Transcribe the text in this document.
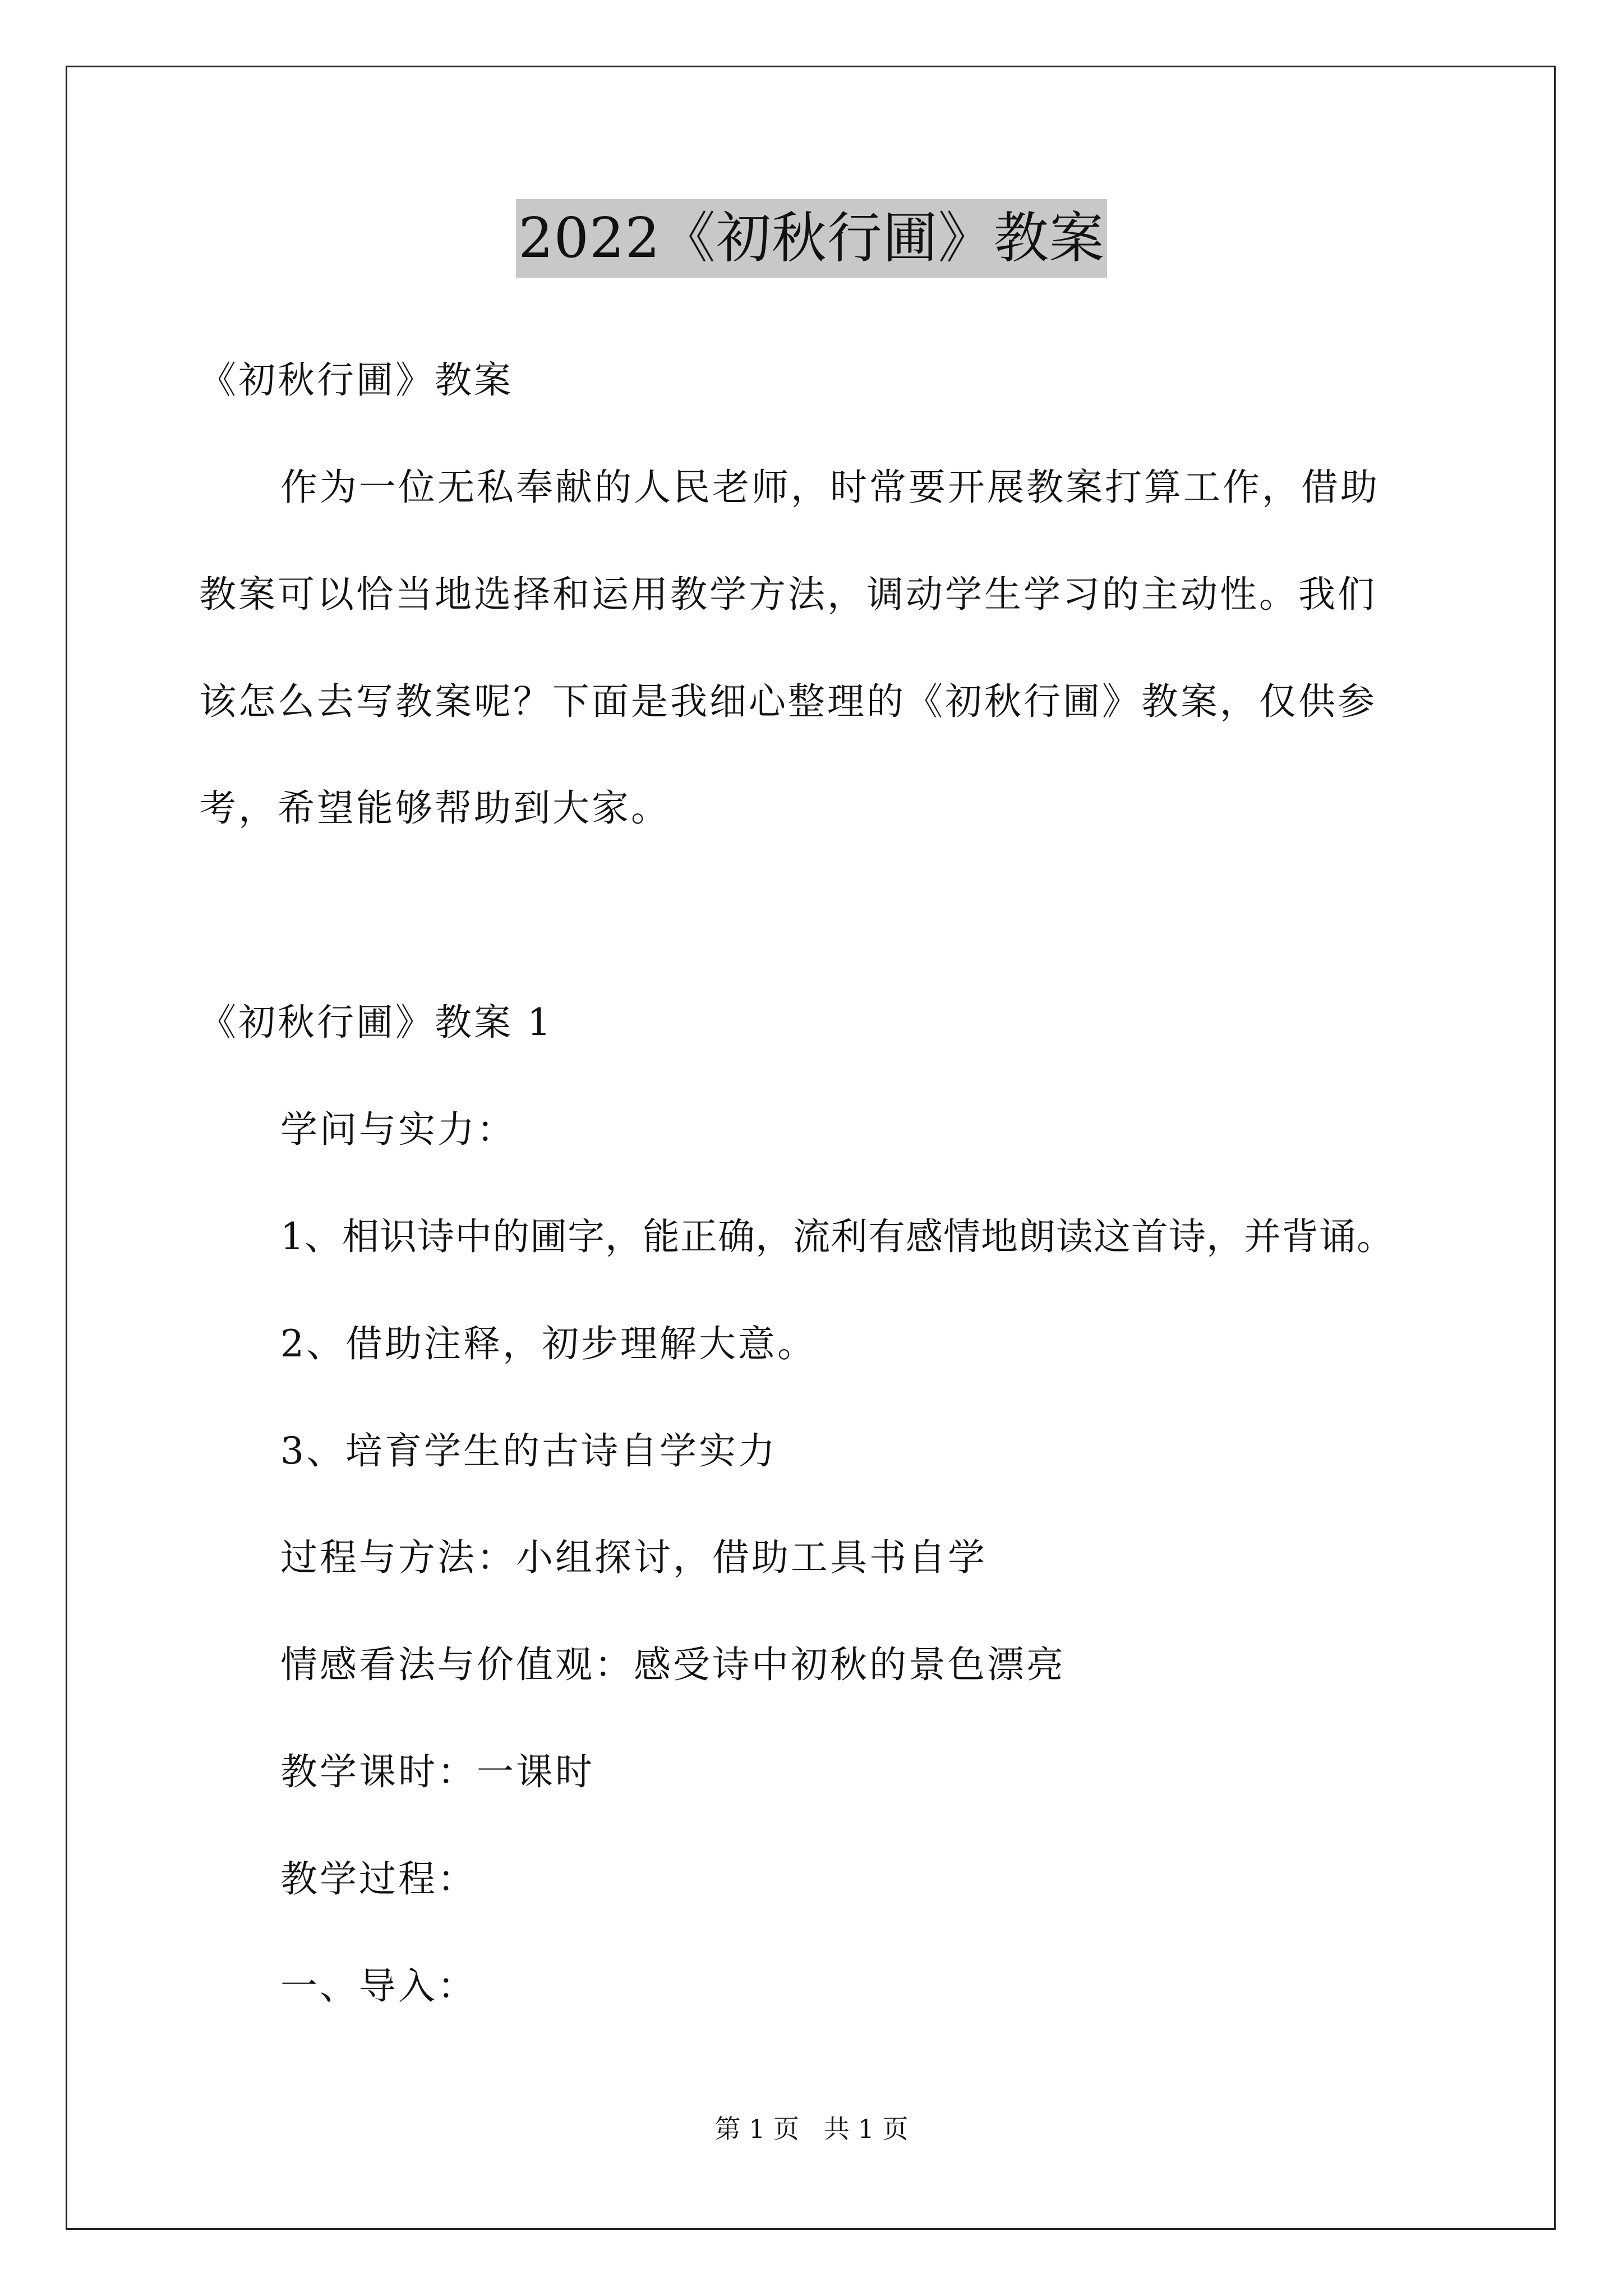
2022《初秋行圃》教案
《初秋行圃》教案
作为一位无私奉献的人民老师，时常要开展教案打算工作，借助
教案可以恰当地选择和运用教学方法，调动学生学习的主动性。我们
该怎么去写教案呢？下面是我细心整理的《初秋行圃》教案，仅供参
考，希望能够帮助到大家。
《初秋行圃》教案 1
学问与实力：
1、相识诗中的圃字，能正确，流利有感情地朗读这首诗，并背诵。
2、借助注释，初步理解大意。
3、培育学生的古诗自学实力
过程与方法：小组探讨，借助工具书自学
情感看法与价值观：感受诗中初秋的景色漂亮
教学课时：一课时
教学过程：
一、导入：
第 1 页   共 1 页
